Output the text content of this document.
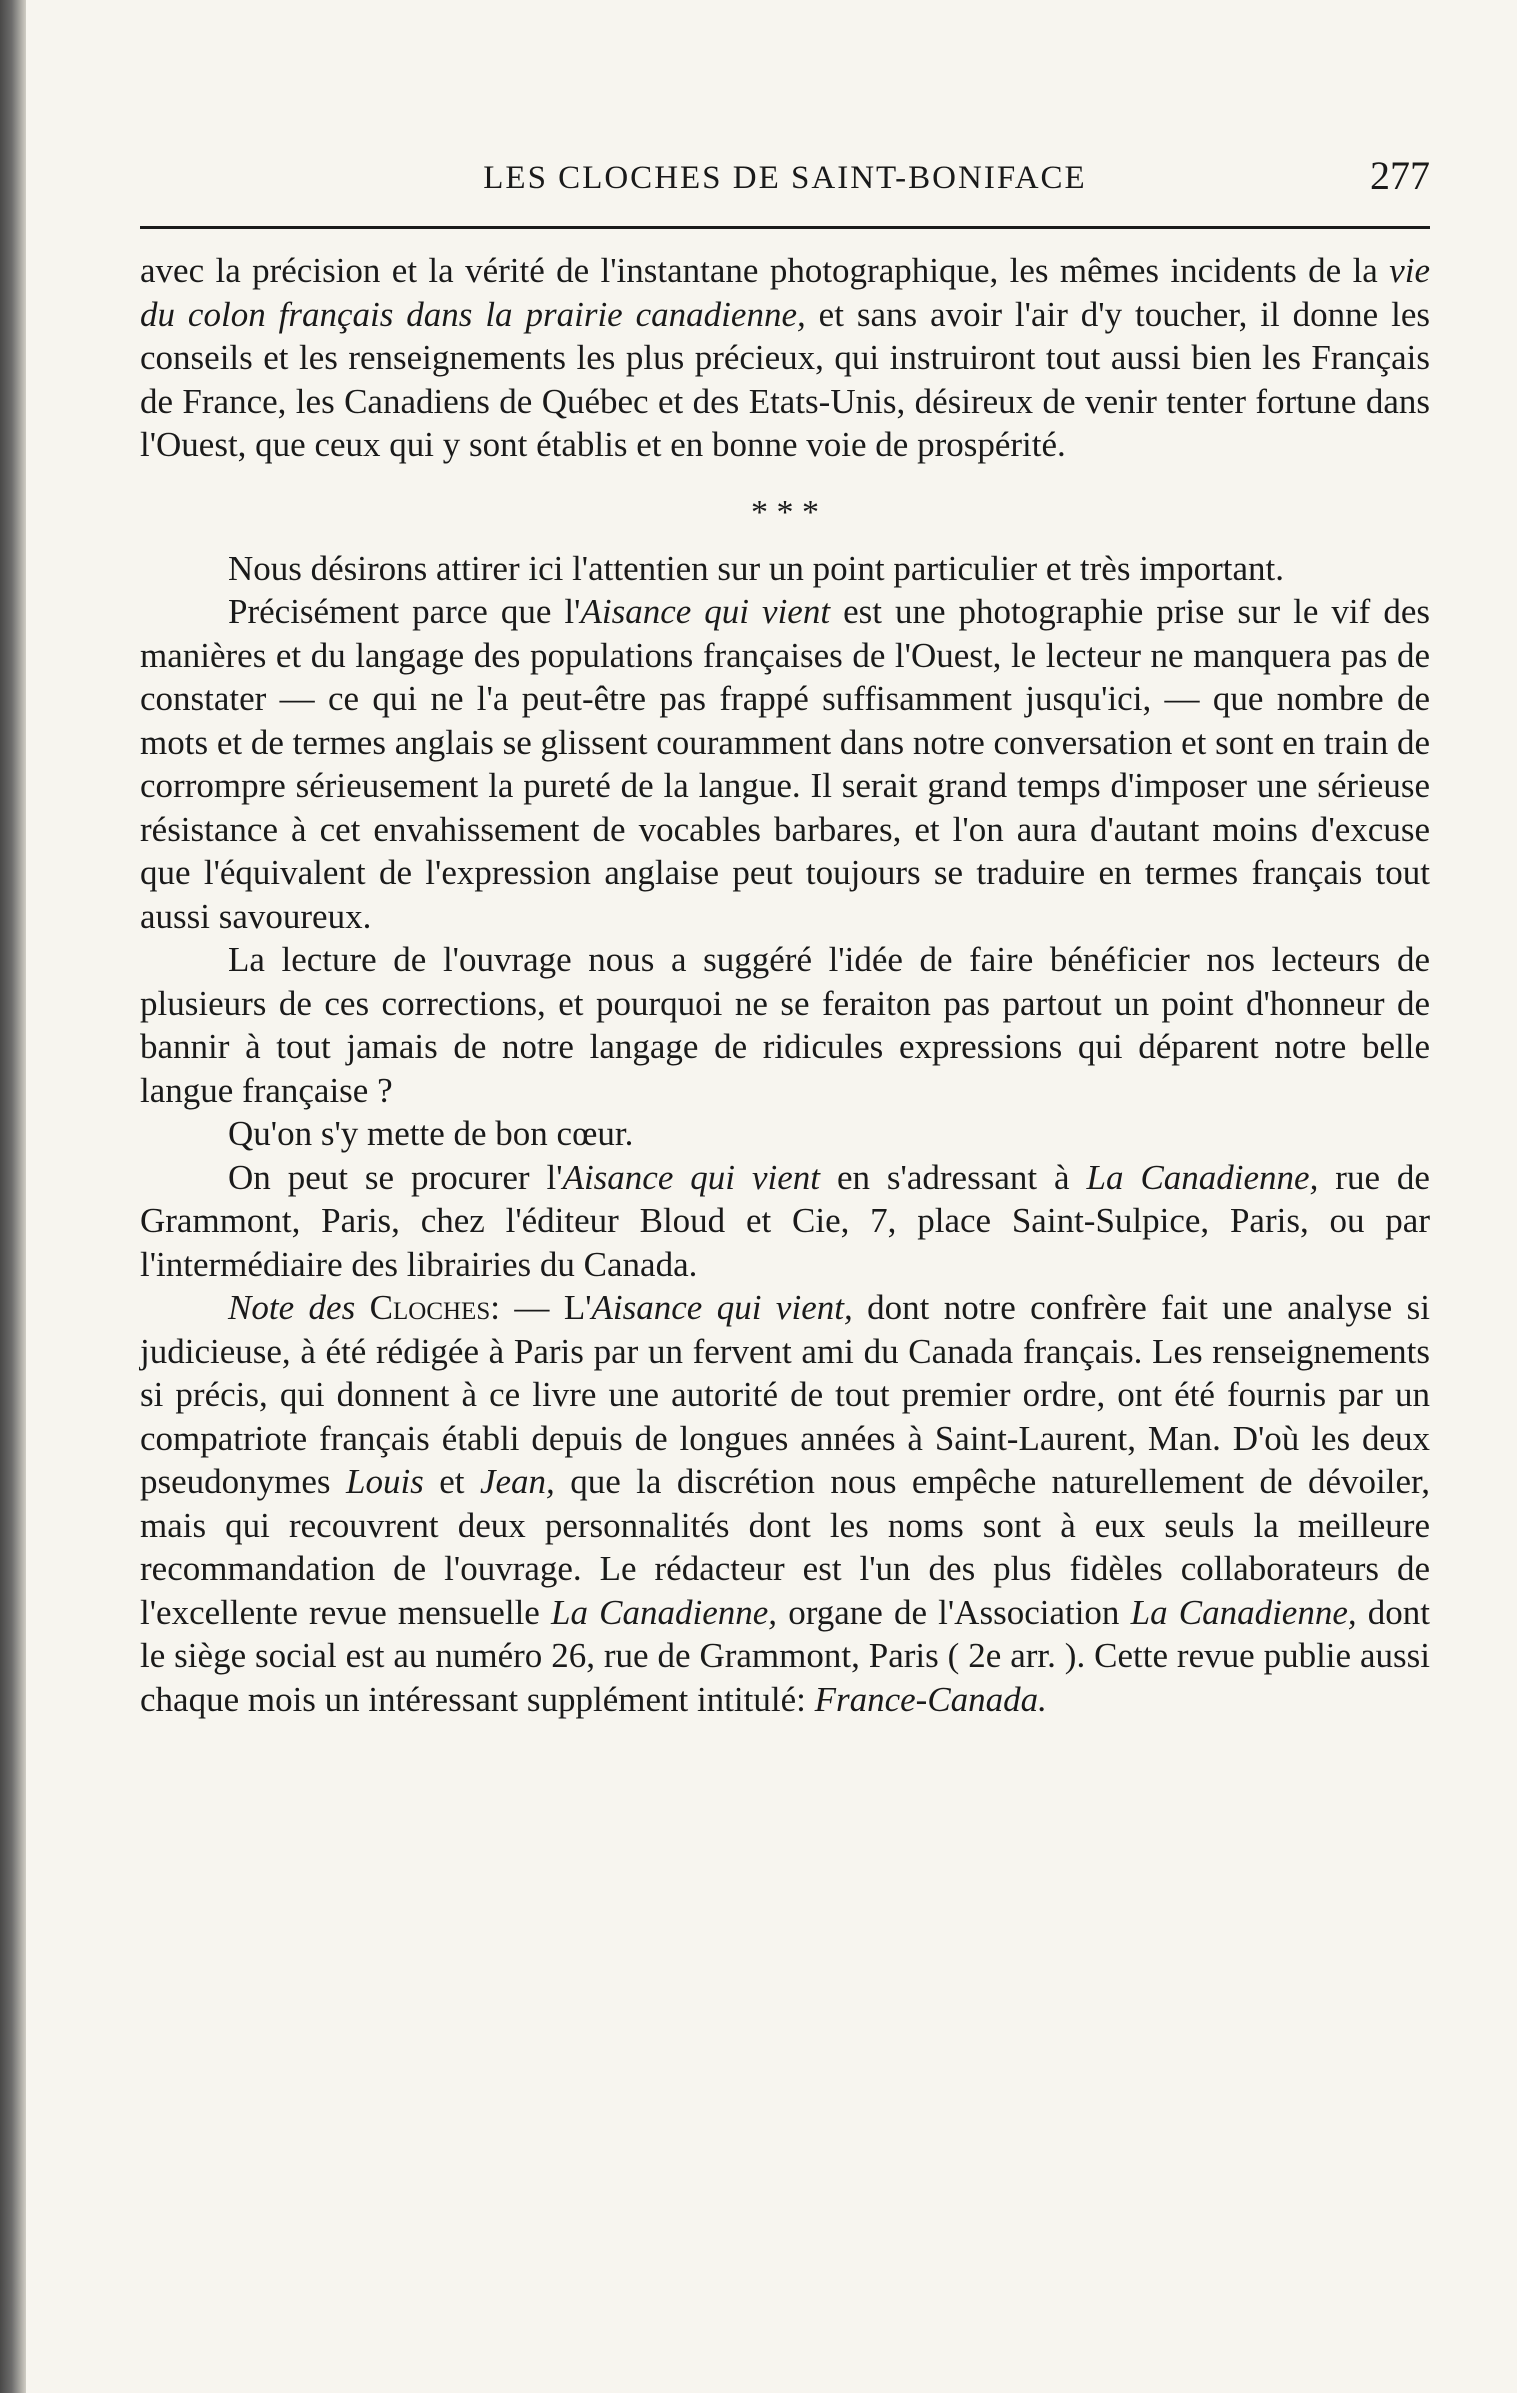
LES CLOCHES DE SAINT-BONIFACE	277

avec la précision et la vérité de l'instantane photographique, les mêmes incidents de la vie du colon français dans la prairie canadienne, et sans avoir l'air d'y toucher, il donne les conseils et les renseignements les plus précieux, qui instruiront tout aussi bien les Français de France, les Canadiens de Québec et des Etats-Unis, désireux de venir tenter fortune dans l'Ouest, que ceux qui y sont établis et en bonne voie de prospérité.

* * *

Nous désirons attirer ici l'attentien sur un point particulier et très important.

Précisément parce que l'Aisance qui vient est une photographie prise sur le vif des manières et du langage des populations françaises de l'Ouest, le lecteur ne manquera pas de constater — ce qui ne l'a peut-être pas frappé suffisamment jusqu'ici, — que nombre de mots et de termes anglais se glissent couramment dans notre conversation et sont en train de corrompre sérieusement la pureté de la langue. Il serait grand temps d'imposer une sérieuse résistance à cet envahissement de vocables barbares, et l'on aura d'autant moins d'excuse que l'équivalent de l'expression anglaise peut toujours se traduire en termes français tout aussi savoureux.

La lecture de l'ouvrage nous a suggéré l'idée de faire bénéficier nos lecteurs de plusieurs de ces corrections, et pourquoi ne se feraiton pas partout un point d'honneur de bannir à tout jamais de notre langage de ridicules expressions qui déparent notre belle langue française ?

Qu'on s'y mette de bon cœur.

On peut se procurer l'Aisance qui vient en s'adressant à La Canadienne, rue de Grammont, Paris, chez l'éditeur Bloud et Cie, 7, place Saint-Sulpice, Paris, ou par l'intermédiaire des librairies du Canada.

Note des Cloches: — L'Aisance qui vient, dont notre confrère fait une analyse si judicieuse, à été rédigée à Paris par un fervent ami du Canada français. Les renseignements si précis, qui donnent à ce livre une autorité de tout premier ordre, ont été fournis par un compatriote français établi depuis de longues années à Saint-Laurent, Man. D'où les deux pseudonymes Louis et Jean, que la discrétion nous empêche naturellement de dévoiler, mais qui recouvrent deux personnalités dont les noms sont à eux seuls la meilleure recommandation de l'ouvrage. Le rédacteur est l'un des plus fidèles collaborateurs de l'excellente revue mensuelle La Canadienne, organe de l'Association La Canadienne, dont le siège social est au numéro 26, rue de Grammont, Paris ( 2e arr. ). Cette revue publie aussi chaque mois un intéressant supplément intitulé: France-Canada.
